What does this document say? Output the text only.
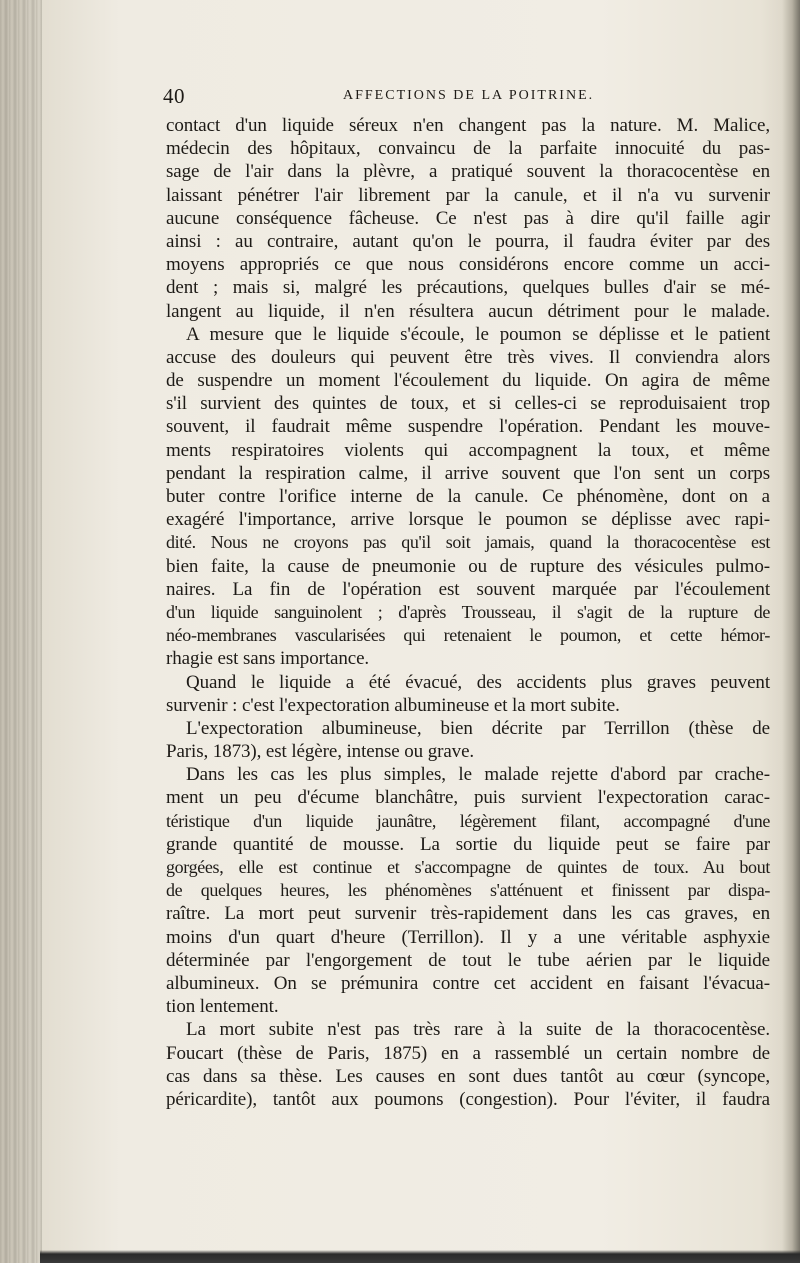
40	AFFECTIONS DE LA POITRINE.
contact d'un liquide séreux n'en changent pas la nature. M. Malice,
médecin des hôpitaux, convaincu de la parfaite innocuité du pas-
sage de l'air dans la plèvre, a pratiqué souvent la thoracocentèse en
laissant pénétrer l'air librement par la canule, et il n'a vu survenir
aucune conséquence fâcheuse. Ce n'est pas à dire qu'il faille agir
ainsi : au contraire, autant qu'on le pourra, il faudra éviter par des
moyens appropriés ce que nous considérons encore comme un acci-
dent ; mais si, malgré les précautions, quelques bulles d'air se mé-
langent au liquide, il n'en résultera aucun détriment pour le malade.
A mesure que le liquide s'écoule, le poumon se déplisse et le patient
accuse des douleurs qui peuvent être très vives. Il conviendra alors
de suspendre un moment l'écoulement du liquide. On agira de même
s'il survient des quintes de toux, et si celles-ci se reproduisaient trop
souvent, il faudrait même suspendre l'opération. Pendant les mouve-
ments respiratoires violents qui accompagnent la toux, et même
pendant la respiration calme, il arrive souvent que l'on sent un corps
buter contre l'orifice interne de la canule. Ce phénomène, dont on a
exagéré l'importance, arrive lorsque le poumon se déplisse avec rapi-
dité. Nous ne croyons pas qu'il soit jamais, quand la thoracocentèse est
bien faite, la cause de pneumonie ou de rupture des vésicules pulmo-
naires. La fin de l'opération est souvent marquée par l'écoulement
d'un liquide sanguinolent ; d'après Trousseau, il s'agit de la rupture de
néo-membranes vascularisées qui retenaient le poumon, et cette hémor-
rhagie est sans importance.
Quand le liquide a été évacué, des accidents plus graves peuvent
survenir : c'est l'expectoration albumineuse et la mort subite.
L'expectoration albumineuse, bien décrite par Terrillon (thèse de
Paris, 1873), est légère, intense ou grave.
Dans les cas les plus simples, le malade rejette d'abord par crache-
ment un peu d'écume blanchâtre, puis survient l'expectoration carac-
téristique d'un liquide jaunâtre, légèrement filant, accompagné d'une
grande quantité de mousse. La sortie du liquide peut se faire par
gorgées, elle est continue et s'accompagne de quintes de toux. Au bout
de quelques heures, les phénomènes s'atténuent et finissent par dispa-
raître. La mort peut survenir très-rapidement dans les cas graves, en
moins d'un quart d'heure (Terrillon). Il y a une véritable asphyxie
déterminée par l'engorgement de tout le tube aérien par le liquide
albumineux. On se prémunira contre cet accident en faisant l'évacua-
tion lentement.
La mort subite n'est pas très rare à la suite de la thoracocentèse.
Foucart (thèse de Paris, 1875) en a rassemblé un certain nombre de
cas dans sa thèse. Les causes en sont dues tantôt au cœur (syncope,
péricardite), tantôt aux poumons (congestion). Pour l'éviter, il faudra
